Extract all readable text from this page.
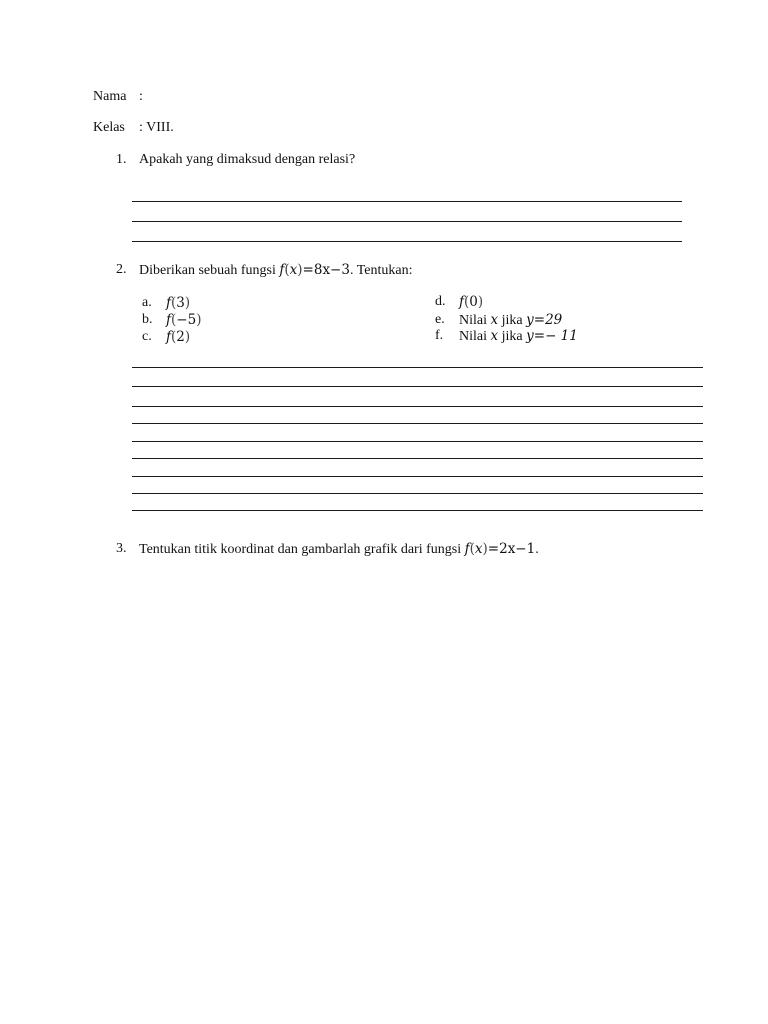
Nama :
Kelas : VIII.
1. Apakah yang dimaksud dengan relasi?
2. Diberikan sebuah fungsi f(x)=8x−3. Tentukan:
a. f(3)
b. f(−5)
c. f(2)
d. f(0)
e. Nilai x jika y=29
f. Nilai x jika y=− 11
3. Tentukan titik koordinat dan gambarlah grafik dari fungsi f(x)=2x−1.
